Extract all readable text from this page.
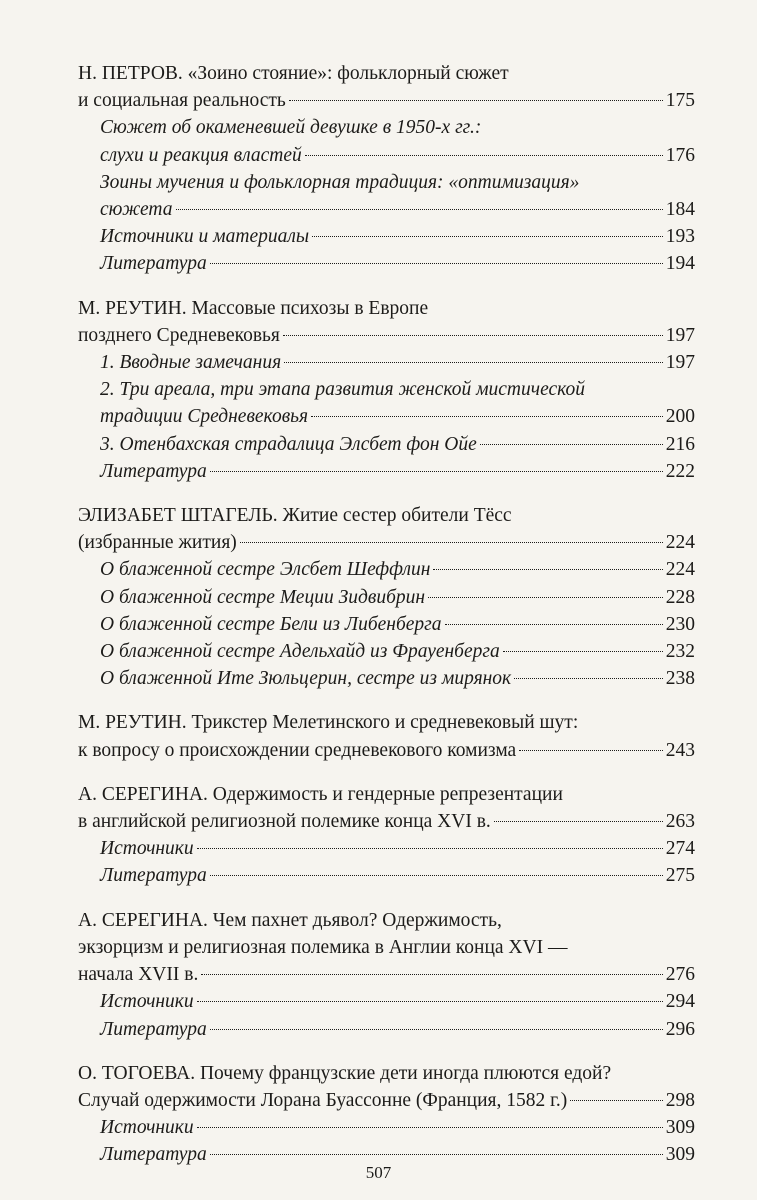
Н. ПЕТРОВ. «Зоино стояние»: фольклорный сюжет
и социальная реальность	175
Сюжет об окаменевшей девушке в 1950-х гг.:
слухи и реакция властей	176
Зоины мучения и фольклорная традиция: «оптимизация»
сюжета	184
Источники и материалы	193
Литература	194
М. РЕУТИН. Массовые психозы в Европе
позднего Средневековья	197
1. Вводные замечания	197
2. Три ареала, три этапа развития женской мистической
традиции Средневековья	200
3. Отенбахская страдалица Элсбет фон Ойе	216
Литература	222
ЭЛИЗАБЕТ ШТАГЕЛЬ. Житие сестер обители Тёсс
(избранные жития)	224
О блаженной сестре Элсбет Шеффлин	224
О блаженной сестре Меции Зидвибрин	228
О блаженной сестре Бели из Либенберга	230
О блаженной сестре Адельхайд из Фрауенберга	232
О блаженной Ите Зюльцерин, сестре из мирянок	238
М. РЕУТИН. Трикстер Мелетинского и средневековый шут:
к вопросу о происхождении средневекового комизма	243
А. СЕРЕГИНА. Одержимость и гендерные репрезентации
в английской религиозной полемике конца XVI в.	263
Источники	274
Литература	275
А. СЕРЕГИНА. Чем пахнет дьявол? Одержимость,
экзорцизм и религиозная полемика в Англии конца XVI —
начала XVII в.	276
Источники	294
Литература	296
О. ТОГОЕВА. Почему французские дети иногда плюются едой?
Случай одержимости Лорана Буассонне (Франция, 1582 г.)	298
Источники	309
Литература	309
507
